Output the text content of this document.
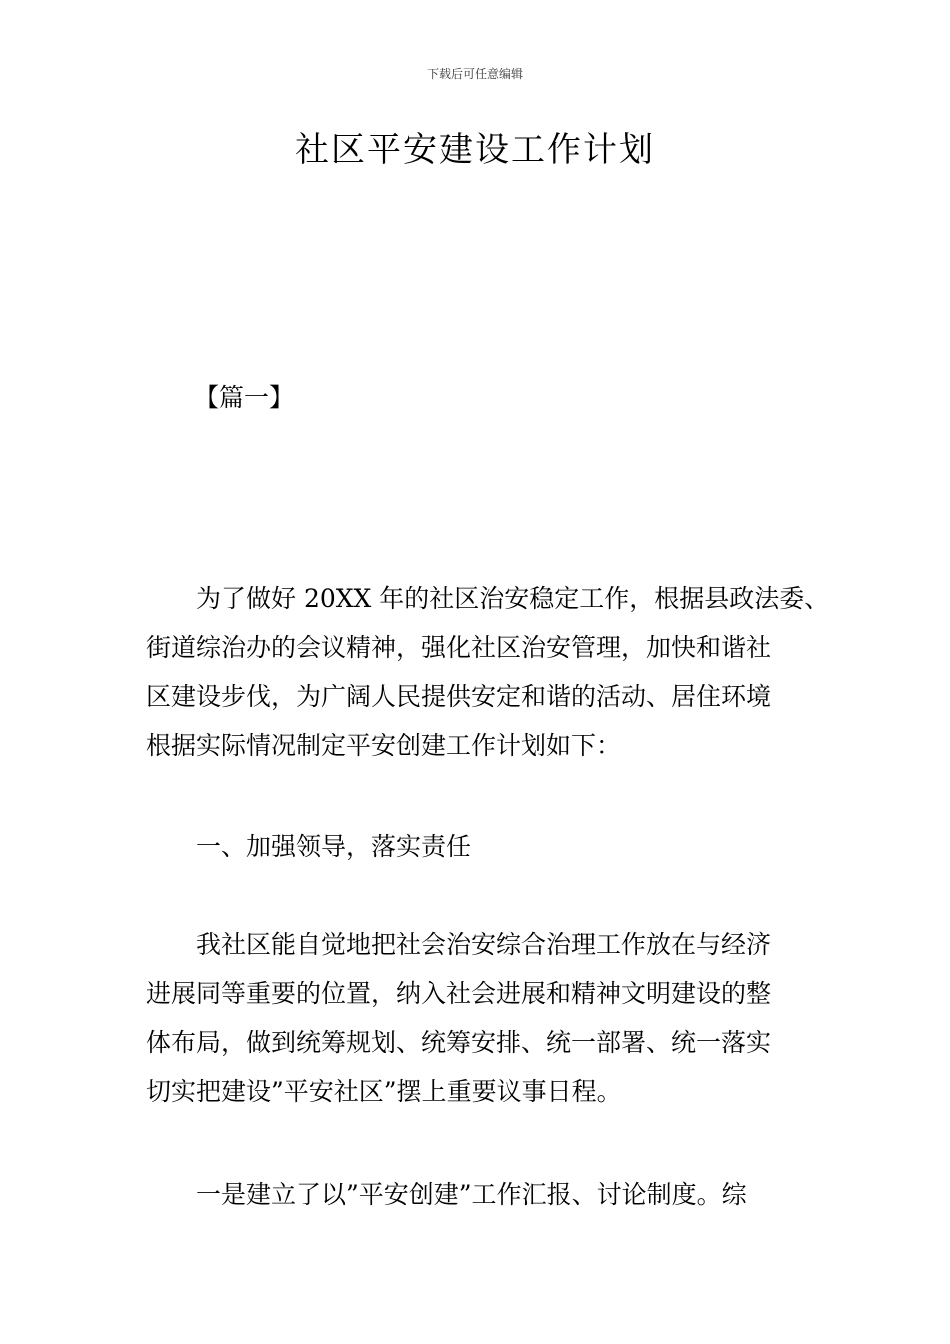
下载后可任意编辑
社区平安建设工作计划
【篇一】
为了做好 20XX 年的社区治安稳定工作，根据县政法委、
街道综治办的会议精神，强化社区治安管理，加快和谐社
区建设步伐，为广阔人民提供安定和谐的活动、居住环境
根据实际情况制定平安创建工作计划如下：
一、加强领导，落实责任
我社区能自觉地把社会治安综合治理工作放在与经济
进展同等重要的位置，纳入社会进展和精神文明建设的整
体布局，做到统筹规划、统筹安排、统一部署、统一落实
切实把建设”平安社区”摆上重要议事日程。
一是建立了以”平安创建”工作汇报、讨论制度。综
